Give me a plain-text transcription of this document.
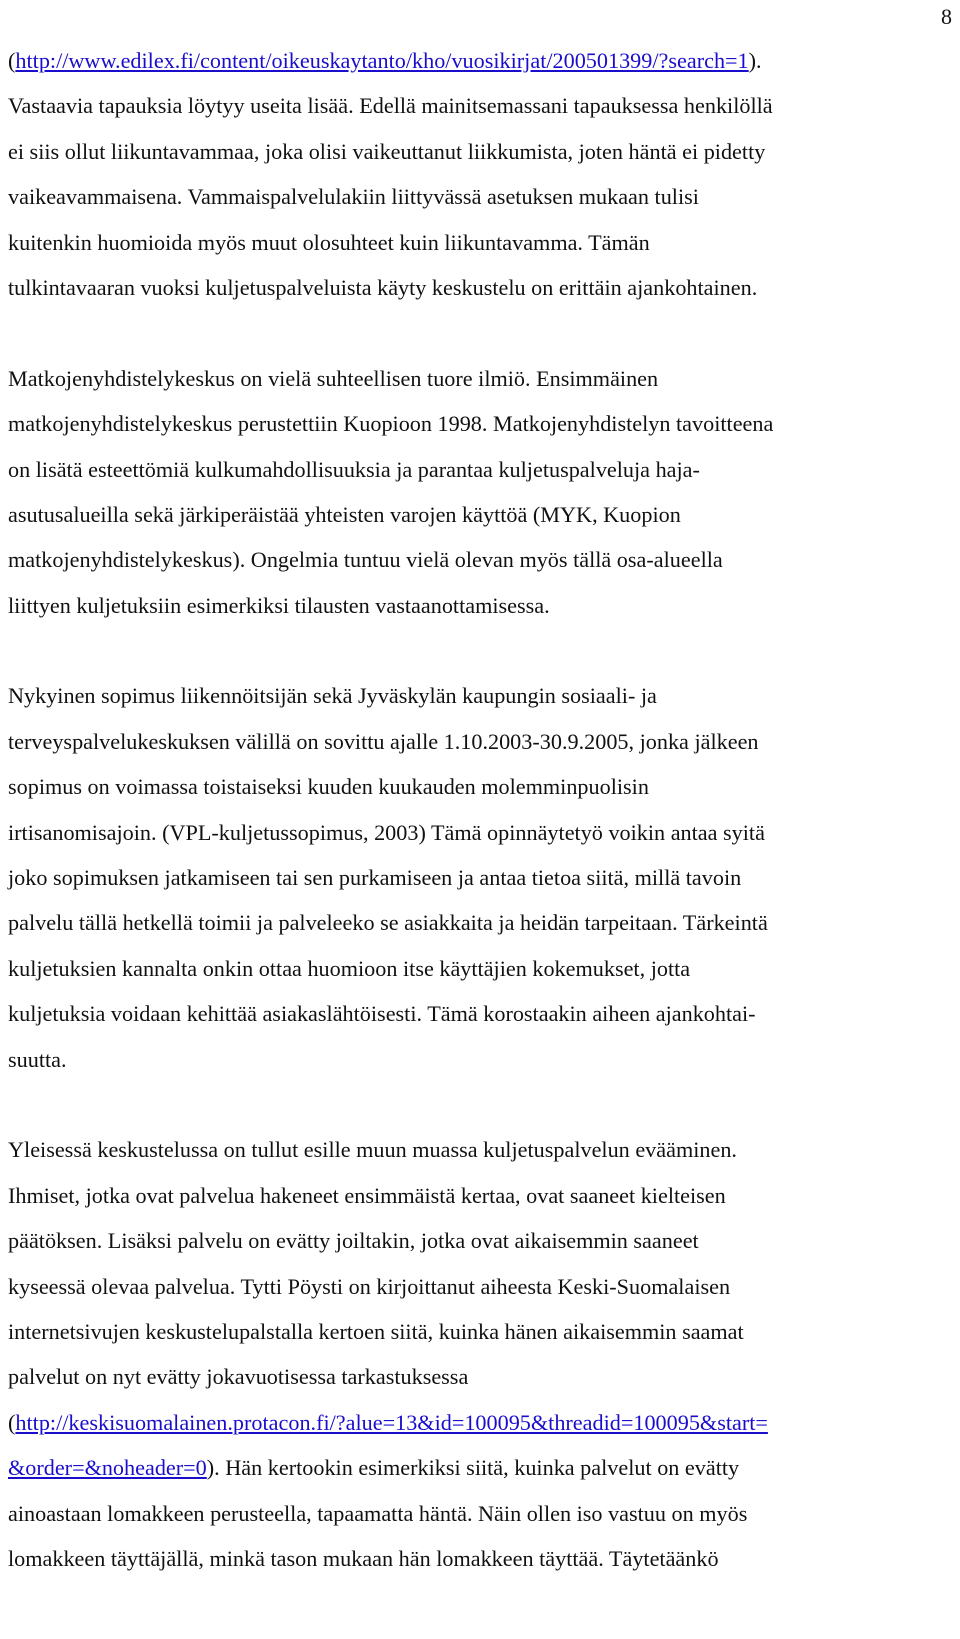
8
(http://www.edilex.fi/content/oikeuskaytanto/kho/vuosikirjat/200501399/?search=1).
Vastaavia tapauksia löytyy useita lisää. Edellä mainitsemassani tapauksessa henkilöllä
ei siis ollut liikuntavammaa, joka olisi vaikeuttanut liikkumista, joten häntä ei pidetty
vaikeavammaisena. Vammaispalvelulakiin liittyvässä asetuksen mukaan tulisi
kuitenkin huomioida myös muut olosuhteet kuin liikuntavamma. Tämän
tulkintavaaran vuoksi kuljetuspalveluista käyty keskustelu on erittäin ajankohtainen.
Matkojenyhdistelykeskus on vielä suhteellisen tuore ilmiö. Ensimmäinen
matkojenyhdistelykeskus perustettiin Kuopioon 1998. Matkojenyhdistelyn tavoitteena
on lisätä esteettömiä kulkumahdollisuuksia ja parantaa kuljetuspalveluja haja-
asutusalueilla sekä järkiperäistää yhteisten varojen käyttöä (MYK, Kuopion
matkojenyhdistelykeskus). Ongelmia tuntuu vielä olevan myös tällä osa-alueella
liittyen kuljetuksiin esimerkiksi tilausten vastaanottamisessa.
Nykyinen sopimus liikennöitsijän sekä Jyväskylän kaupungin sosiaali- ja
terveyspalvelukeskuksen välillä on sovittu ajalle 1.10.2003-30.9.2005, jonka jälkeen
sopimus on voimassa toistaiseksi kuuden kuukauden molemminpuolisin
irtisanomisajoin. (VPL-kuljetussopimus, 2003) Tämä opinnäytetyö voikin antaa syitä
joko sopimuksen jatkamiseen tai sen purkamiseen ja antaa tietoa siitä, millä tavoin
palvelu tällä hetkellä toimii ja palveleeko se asiakkaita ja heidän tarpeitaan. Tärkeintä
kuljetuksien kannalta onkin ottaa huomioon itse käyttäjien kokemukset, jotta
kuljetuksia voidaan kehittää asiakaslähtöisesti. Tämä korostaakin aiheen ajankohtai-
suutta.
Yleisessä keskustelussa on tullut esille muun muassa kuljetuspalvelun evääminen.
Ihmiset, jotka ovat palvelua hakeneet ensimmäistä kertaa, ovat saaneet kielteisen
päätöksen. Lisäksi palvelu on evätty joiltakin, jotka ovat aikaisemmin saaneet
kyseessä olevaa palvelua. Tytti Pöysti on kirjoittanut aiheesta Keski-Suomalaisen
internetsivujen keskustelupalstalla kertoen siitä, kuinka hänen aikaisemmin saamat
palvelut on nyt evätty jokavuotisessa tarkastuksessa
(http://keskisuomalainen.protacon.fi/?alue=13&id=100095&threadid=100095&start=
&order=&noheader=0). Hän kertookin esimerkiksi siitä, kuinka palvelut on evätty
ainoastaan lomakkeen perusteella, tapaamatta häntä. Näin ollen iso vastuu on myös
lomakkeen täyttäjällä, minkä tason mukaan hän lomakkeen täyttää. Täytetäänkö
